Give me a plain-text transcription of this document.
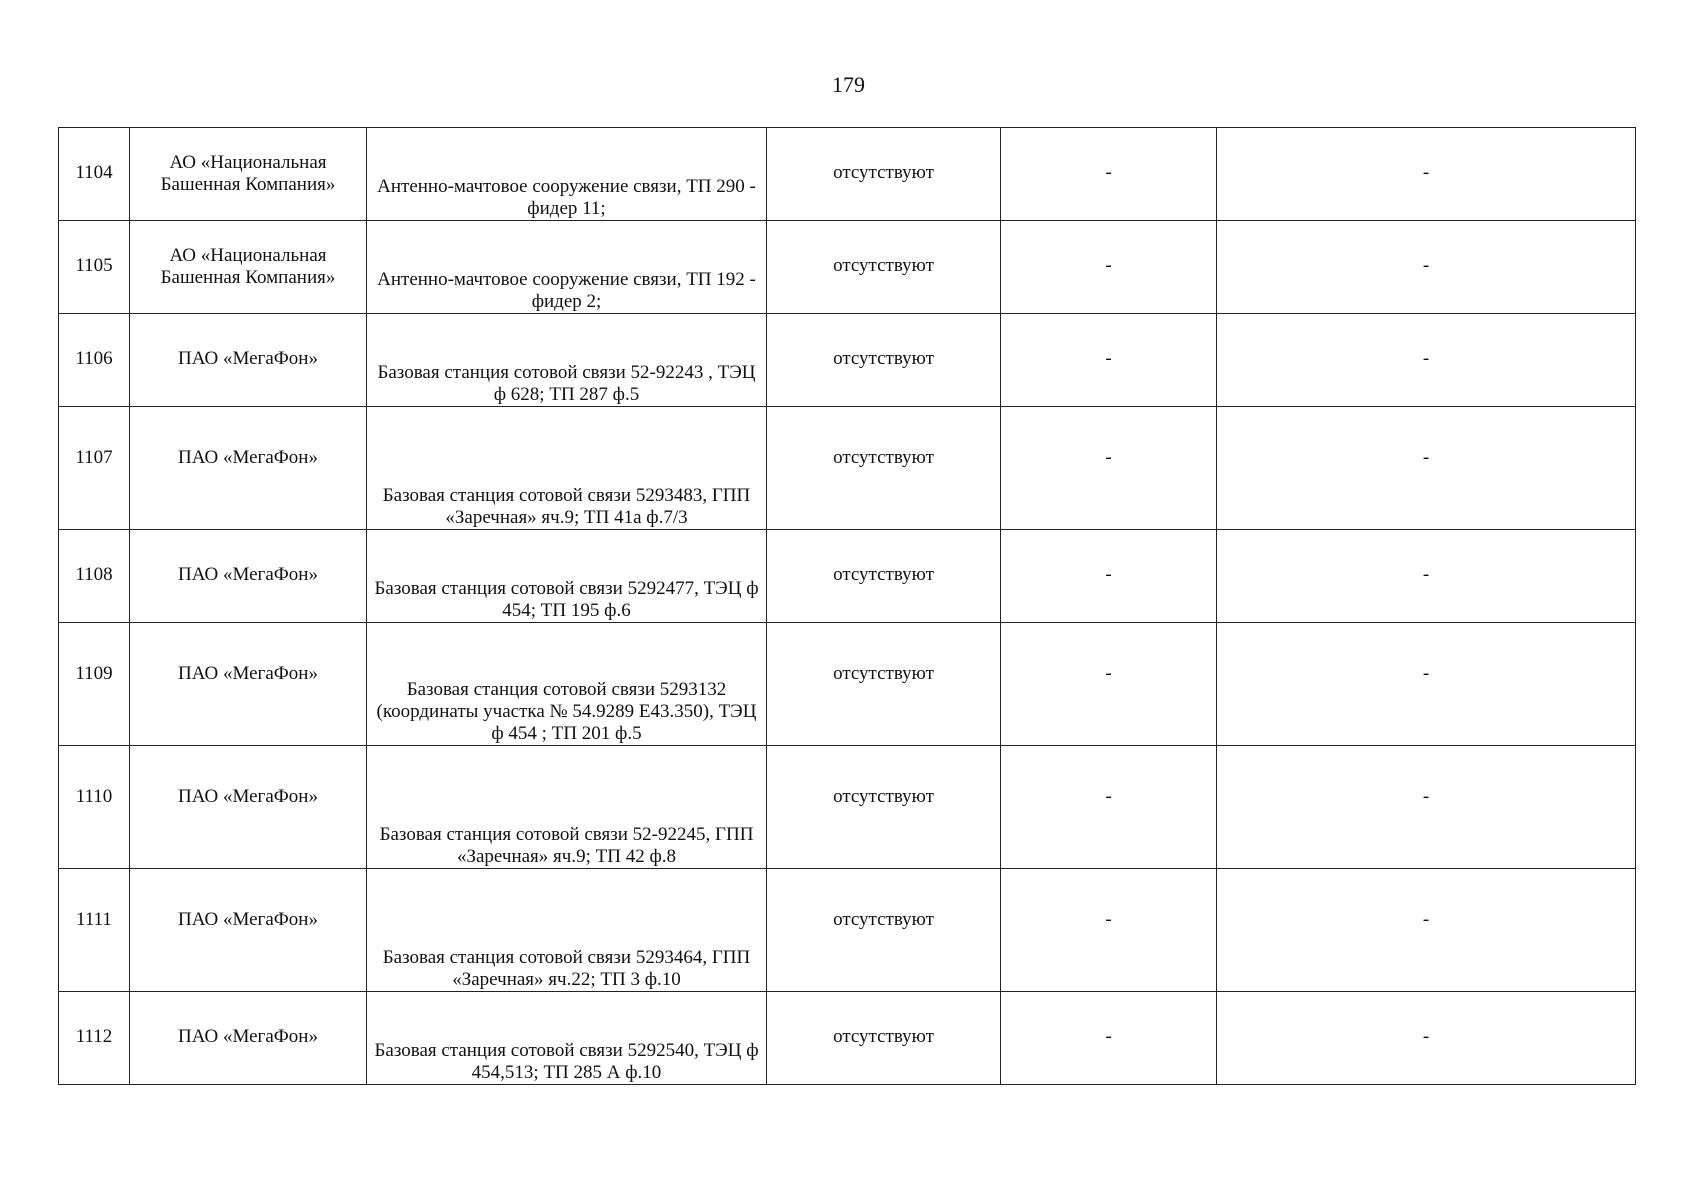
179
1104	АО «Национальная Башенная Компания»	Антенно-мачтовое сооружение связи, ТП 290 - фидер 11;	отсутствуют	-	-

1105	АО «Национальная Башенная Компания»	Антенно-мачтовое сооружение связи, ТП 192 - фидер 2;	отсутствуют	-	-

1106	ПАО «МегаФон»	Базовая станция сотовой связи 52-92243 , ТЭЦ ф 628; ТП 287 ф.5	отсутствуют	-	-

1107	ПАО «МегаФон»	Базовая станция сотовой связи 5293483, ГПП «Заречная» яч.9; ТП 41а ф.7/3	отсутствуют	-	-

1108	ПАО «МегаФон»	Базовая станция сотовой связи 5292477, ТЭЦ ф 454; ТП 195 ф.6	отсутствуют	-	-

1109	ПАО «МегаФон»	Базовая станция сотовой связи 5293132 (координаты участка № 54.9289 Е43.350), ТЭЦ ф 454 ; ТП 201 ф.5	отсутствуют	-	-

1110	ПАО «МегаФон»	Базовая станция сотовой связи 52-92245, ГПП «Заречная» яч.9; ТП 42 ф.8	отсутствуют	-	-

1111	ПАО «МегаФон»	Базовая станция сотовой связи 5293464, ГПП «Заречная» яч.22; ТП 3 ф.10	отсутствуют	-	-

1112	ПАО «МегаФон»	Базовая станция сотовой связи 5292540, ТЭЦ ф 454,513; ТП 285 А ф.10	отсутствуют	-	-
